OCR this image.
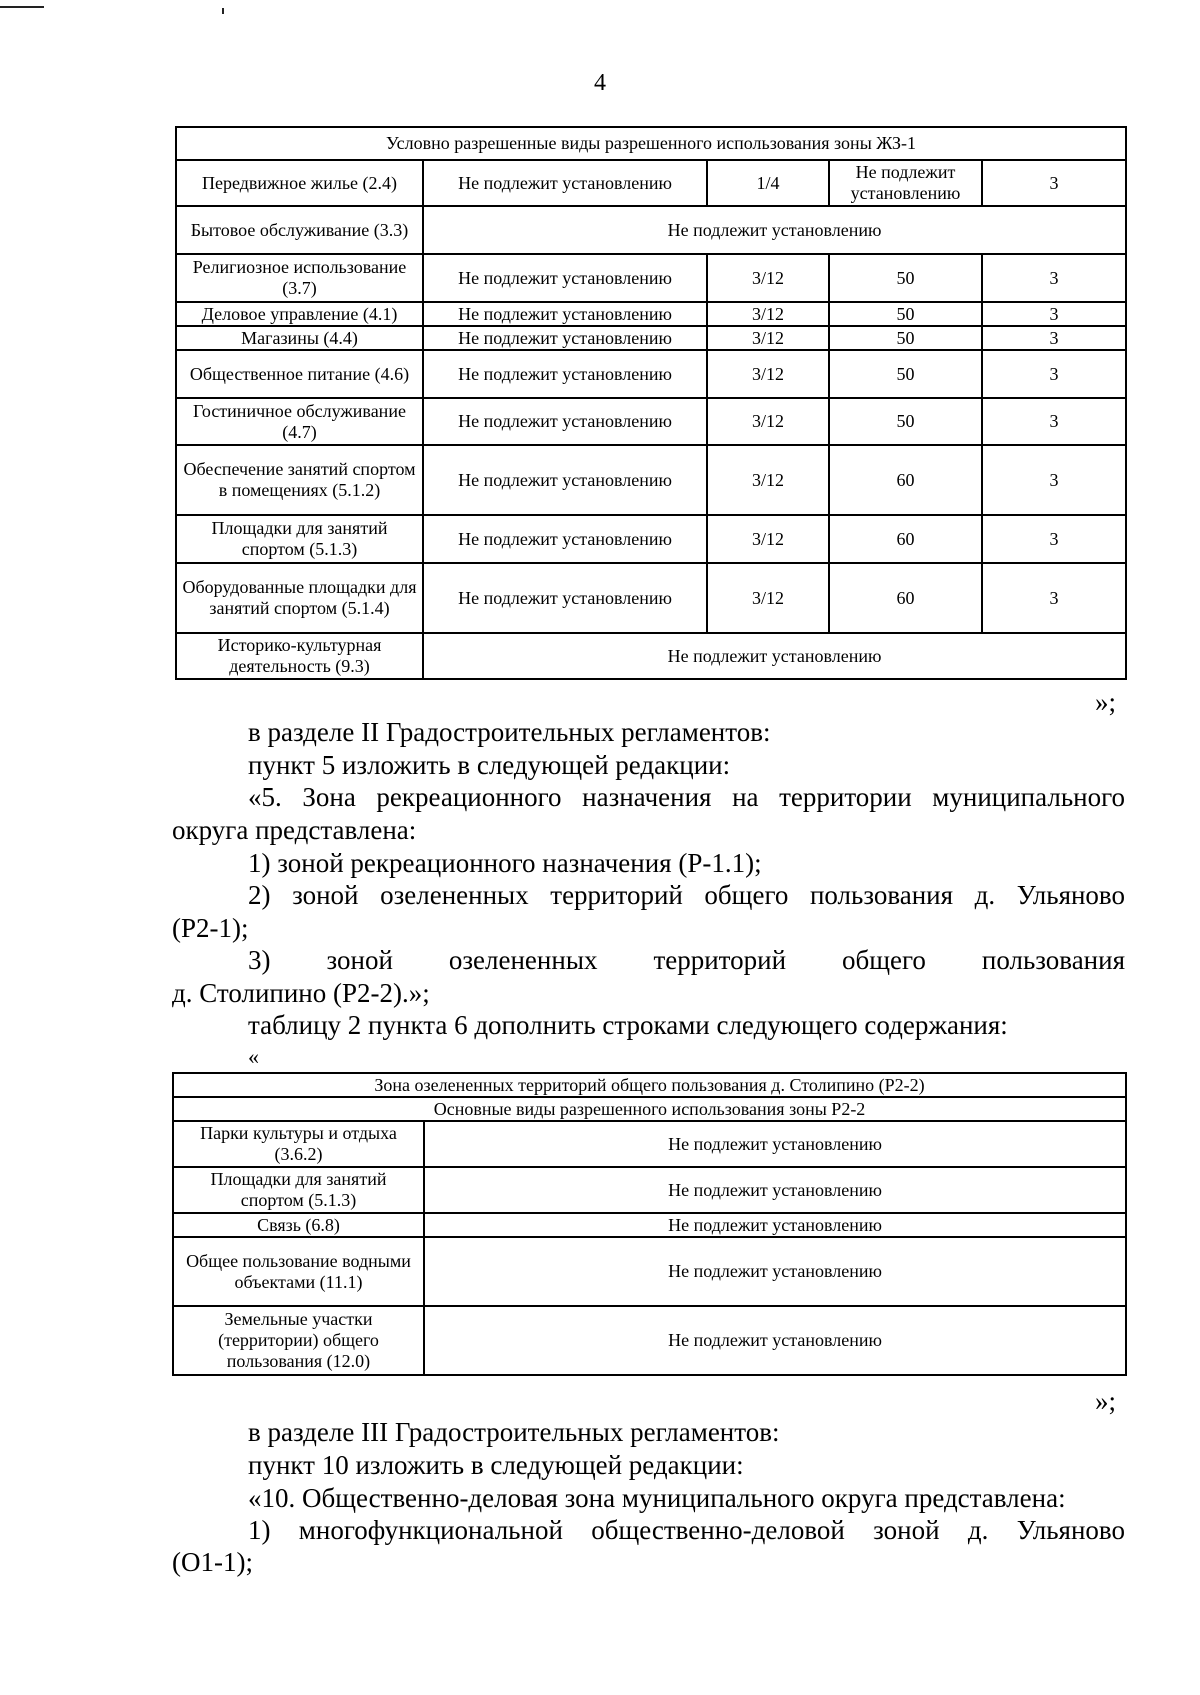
4
Условно разрешенные виды разрешенного использования зоны ЖЗ-1				
Передвижное жилье (2.4)	Не подлежит установлению	1/4	Не подлежит установлению	3
Бытовое обслуживание (3.3)	Не подлежит установлению			
Религиозное использование (3.7)	Не подлежит установлению	3/12	50	3
Деловое управление (4.1)	Не подлежит установлению	3/12	50	3
Магазины (4.4)	Не подлежит установлению	3/12	50	3
Общественное питание (4.6)	Не подлежит установлению	3/12	50	3
Гостиничное обслуживание (4.7)	Не подлежит установлению	3/12	50	3
Обеспечение занятий спортом в помещениях (5.1.2)	Не подлежит установлению	3/12	60	3
Площадки для занятий спортом (5.1.3)	Не подлежит установлению	3/12	60	3
Оборудованные площадки для занятий спортом (5.1.4)	Не подлежит установлению	3/12	60	3
Историко-культурная деятельность (9.3)	Не подлежит установлению			
»;

в разделе II Градостроительных регламентов:

пункт 5 изложить в следующей редакции:

«5. Зона рекреационного назначения на территории муниципального

округа представлена:

1) зоной рекреационного назначения (Р-1.1);

2) зоной озелененных территорий общего пользования д. Ульяново

(Р2-1);

3) зоной озелененных территорий общего пользования

д. Столипино (Р2-2).»;

таблицу 2 пункта 6 дополнить строками следующего содержания:

«
Зона озелененных территорий общего пользования д. Столипино (Р2-2)	
Основные виды разрешенного использования зоны Р2-2	
Парки культуры и отдыха (3.6.2)	Не подлежит установлению
Площадки для занятий спортом (5.1.3)	Не подлежит установлению
Связь (6.8)	Не подлежит установлению
Общее пользование водными объектами (11.1)	Не подлежит установлению
Земельные участки (территории) общего пользования (12.0)	Не подлежит установлению
»;

в разделе III Градостроительных регламентов:

пункт 10 изложить в следующей редакции:

«10. Общественно-деловая зона муниципального округа представлена:

1) многофункциональной общественно-деловой зоной д. Ульяново

(О1-1);
